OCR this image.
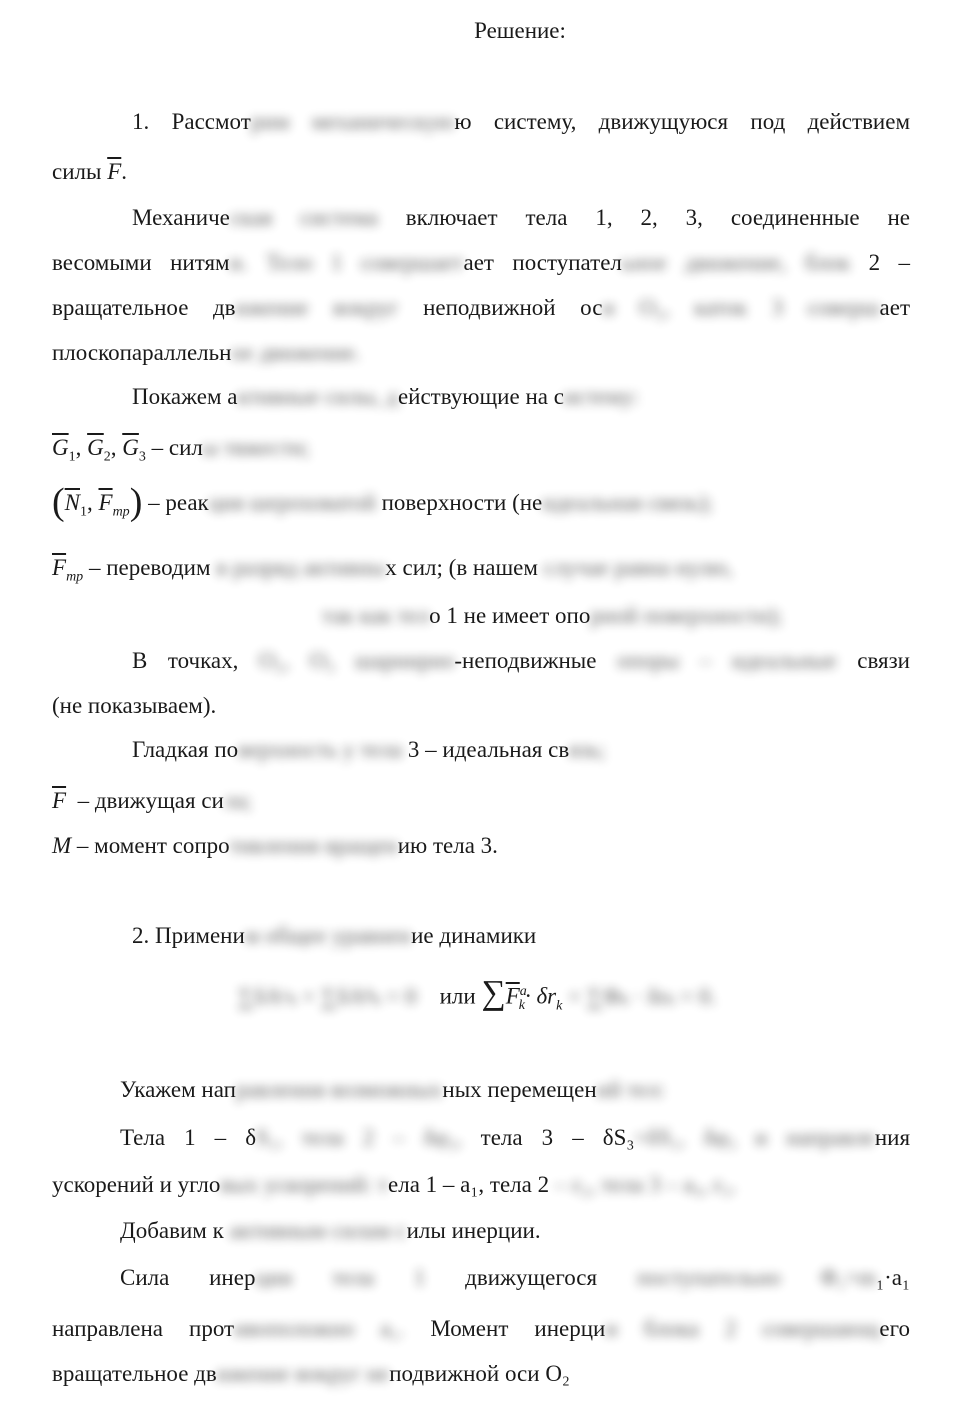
Решение:
1. Рассмотрим механическуюю систему, движущуюся под действием
силы $\overline{F}$.
Механическая система включает тела 1, 2, 3, соединенные не
весомыми нитями. Тело 1 совершаетает поступательное движение, блок 2 –
вращательное движение вокруг неподвижной оси O₂, каток 3 совершает
плоскопараллельное движение.
Покажем активные силы, действующие на систему:
$\overline{G}_1$, $\overline{G}_2$, $\overline{G}_3$ – силы тяжести;
($\overline{N}_1$, $\overline{F}_{тр}$) – реакция шероховатой поверхности (неидеальная связь);
$\overline{F}_{тр}$ – переводим в разряд активных сил; (в нашем случае равна нулю,
так как тело 1 не имеет опорной поверхности);
В точках, O₂, O₃ шарнирно-неподвижные опоры – идеальные связи
(не показываем).
Гладкая поверхность у тела 3 – идеальная связь;
$\overline{F}$ – движущая сила;
M – момент сопротивления вращению тела 3.
2. Применим общее уравнение динамики
∑δAᵃₖ + ∑δAᶲₖ = 0 или $\sum\overline{F}^a_k\cdot \delta r_k + \sum\Phi_k \cdot \delta r_k = 0$.
Укажем направления возможныхных перемещений тел:
Тела 1 – δS₁, тела 2 – δφ₂, тела 3 – δS₃=δS₁, δφ₃ и направления
ускорений и угловых ускорений: тела 1 – a₁, тела 2 – ε₂, тела 3 – a₃, ε₃.
Добавим к активным силам силы инерции.
Сила инерции тела 1 движущегося поступательно Φ₁=m₁·a₁
направлена противоположно a₁. Момент инерции блока 2 совершающего
вращательное движение вокруг неподвижной оси O₂
